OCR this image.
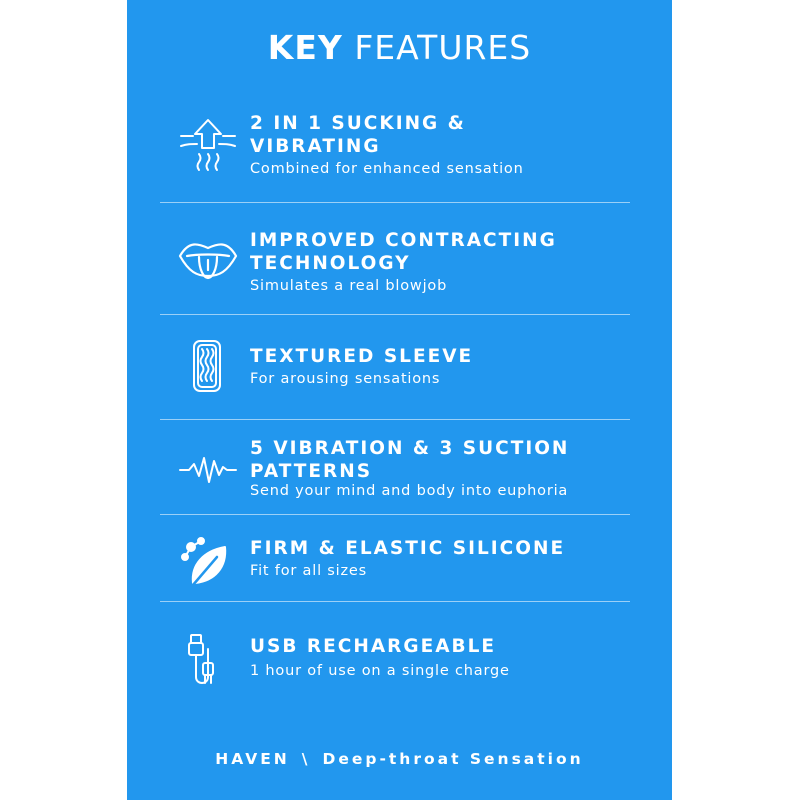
KEY FEATURES
2 IN 1 SUCKING &
VIBRATING
Combined for enhanced sensation
IMPROVED CONTRACTING
TECHNOLOGY
Simulates a real blowjob
TEXTURED SLEEVE
For arousing sensations
5 VIBRATION & 3 SUCTION
PATTERNS
Send your mind and body into euphoria
FIRM & ELASTIC SILICONE
Fit for all sizes
USB RECHARGEABLE
1 hour of use on a single charge
HAVEN \ Deep-throat Sensation
